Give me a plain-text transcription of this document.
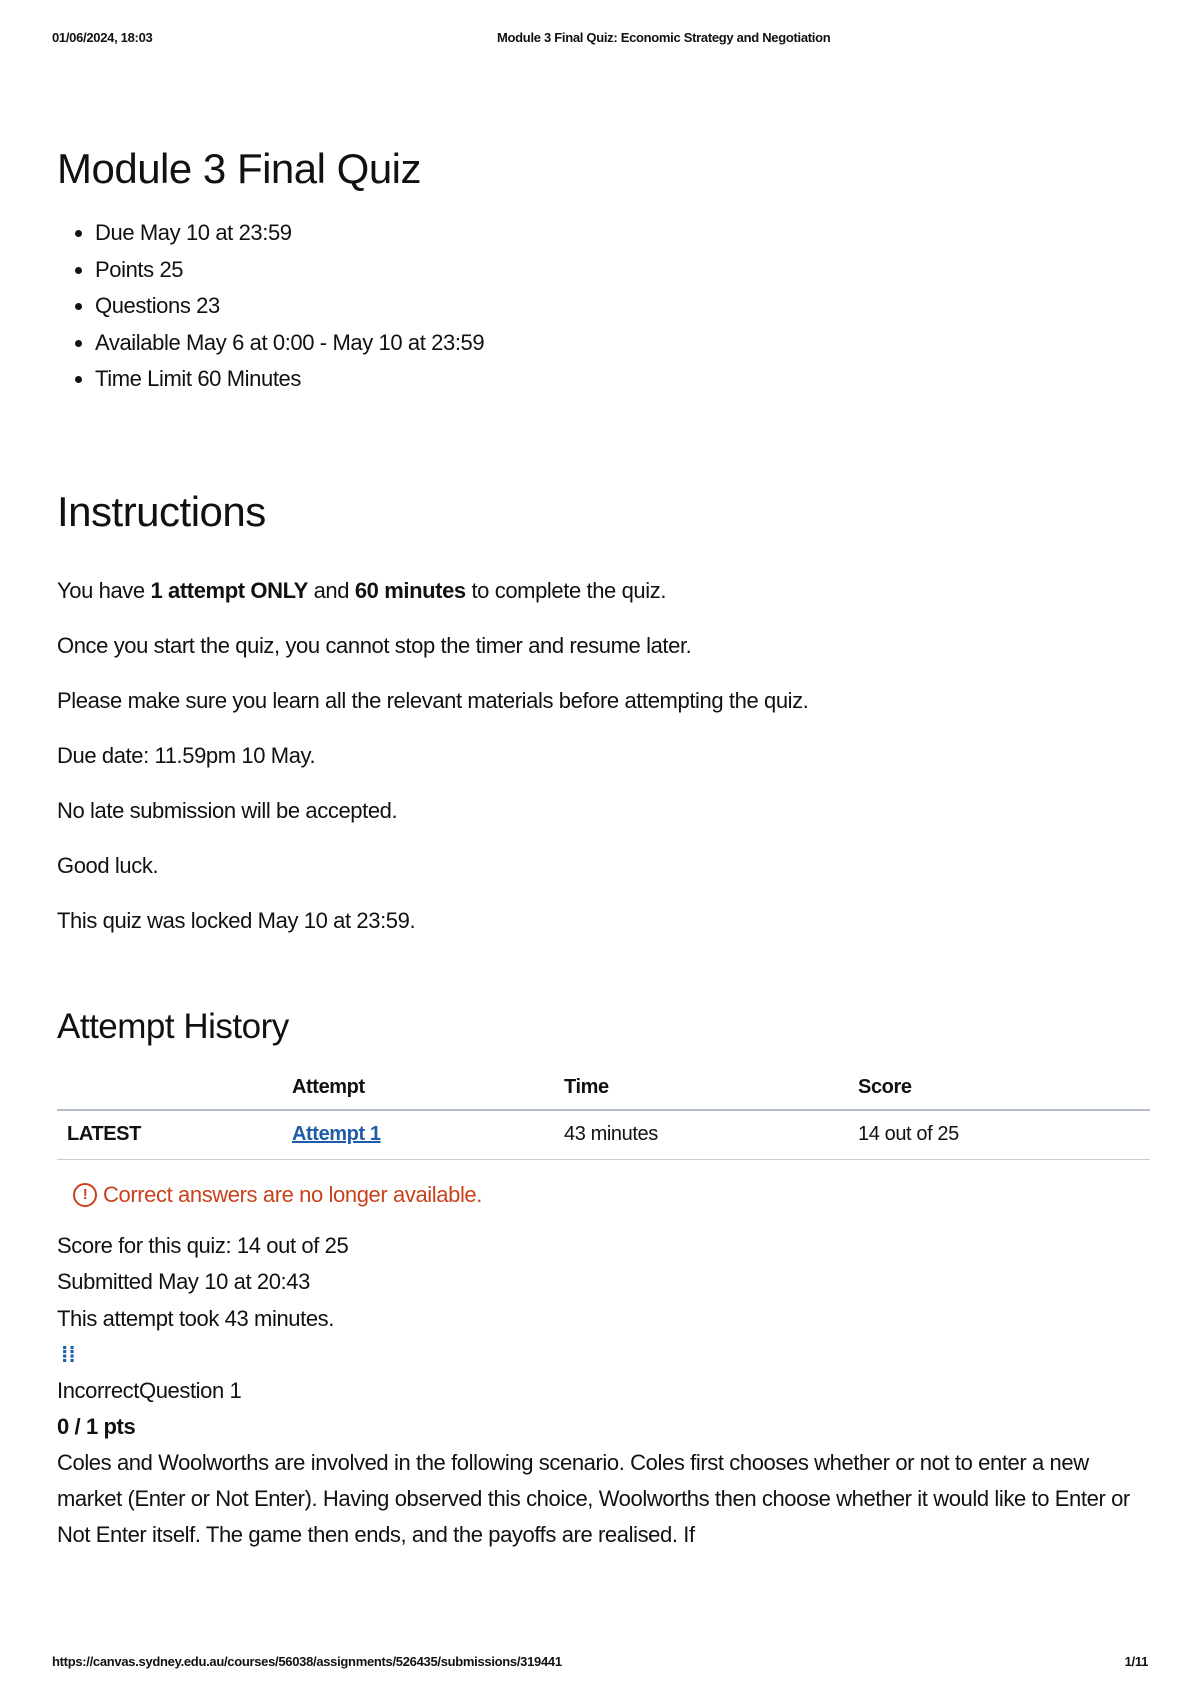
01/06/2024, 18:03	Module 3 Final Quiz: Economic Strategy and Negotiation
Module 3 Final Quiz
• Due May 10 at 23:59
• Points 25
• Questions 23
• Available May 6 at 0:00 - May 10 at 23:59
• Time Limit 60 Minutes
Instructions

You have 1 attempt ONLY and 60 minutes to complete the quiz.

Once you start the quiz, you cannot stop the timer and resume later.

Please make sure you learn all the relevant materials before attempting the quiz.

Due date: 11.59pm 10 May.

No late submission will be accepted.

Good luck.

This quiz was locked May 10 at 23:59.

Attempt History
	Attempt	Time	Score
LATEST	Attempt 1	43 minutes	14 out of 25
! Correct answers are no longer available.
Score for this quiz: 14 out of 25
Submitted May 10 at 20:43
This attempt took 43 minutes.
⁞⁞
IncorrectQuestion 1
0 / 1 pts
Coles and Woolworths are involved in the following scenario. Coles first chooses whether or not to enter a new market (Enter or Not Enter). Having observed this choice, Woolworths then choose whether it would like to Enter or Not Enter itself. The game then ends, and the payoffs are realised. If
https://canvas.sydney.edu.au/courses/56038/assignments/526435/submissions/319441	1/11
